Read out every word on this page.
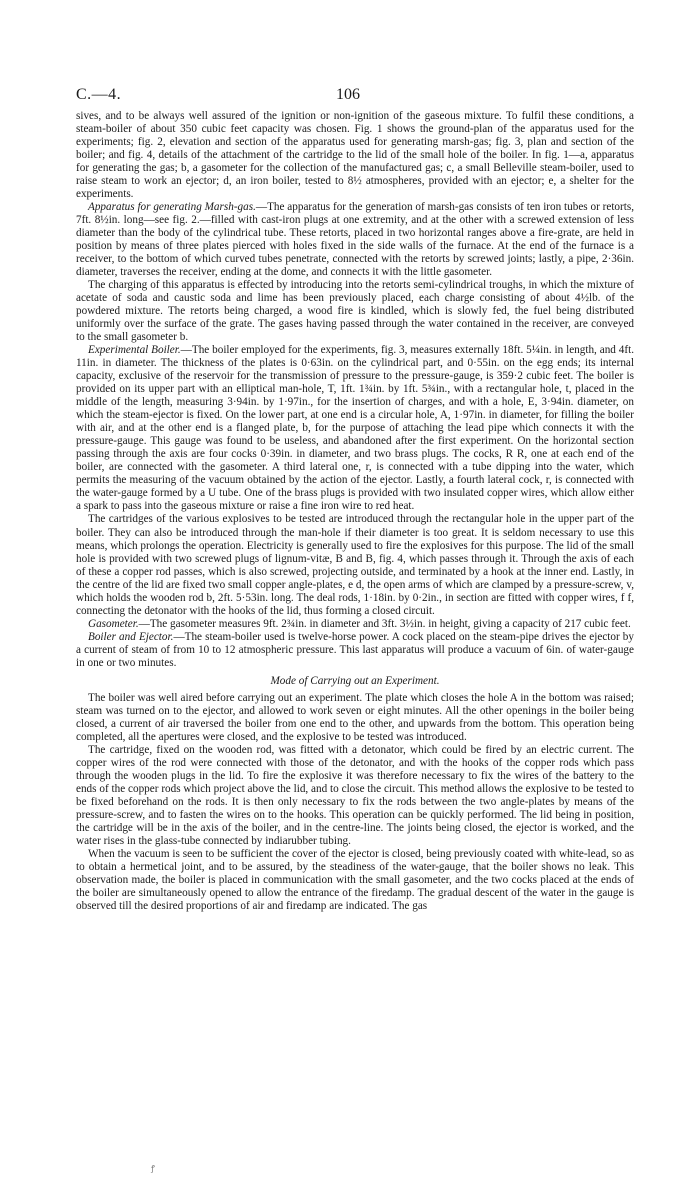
C.—4.	106

sives, and to be always well assured of the ignition or non-ignition of the gaseous mixture. To fulfil these conditions, a steam-boiler of about 350 cubic feet capacity was chosen. Fig. 1 shows the ground-plan of the apparatus used for the experiments; fig. 2, elevation and section of the apparatus used for generating marsh-gas; fig. 3, plan and section of the boiler; and fig. 4, details of the attachment of the cartridge to the lid of the small hole of the boiler. In fig. 1—a, apparatus for generating the gas; b, a gasometer for the collection of the manufactured gas; c, a small Belleville steam-boiler, used to raise steam to work an ejector; d, an iron boiler, tested to 8½ atmospheres, provided with an ejector; e, a shelter for the experiments.

Apparatus for generating Marsh-gas.—The apparatus for the generation of marsh-gas consists of ten iron tubes or retorts, 7ft. 8½in. long—see fig. 2.—filled with cast-iron plugs at one extremity, and at the other with a screwed extension of less diameter than the body of the cylindrical tube. These retorts, placed in two horizontal ranges above a fire-grate, are held in position by means of three plates pierced with holes fixed in the side walls of the furnace. At the end of the furnace is a receiver, to the bottom of which curved tubes penetrate, connected with the retorts by screwed joints; lastly, a pipe, 2·36in. diameter, traverses the receiver, ending at the dome, and connects it with the little gasometer.

The charging of this apparatus is effected by introducing into the retorts semi-cylindrical troughs, in which the mixture of acetate of soda and caustic soda and lime has been previously placed, each charge consisting of about 4½lb. of the powdered mixture. The retorts being charged, a wood fire is kindled, which is slowly fed, the fuel being distributed uniformly over the surface of the grate. The gases having passed through the water contained in the receiver, are conveyed to the small gasometer b.

Experimental Boiler.—The boiler employed for the experiments, fig. 3, measures externally 18ft. 5¼in. in length, and 4ft. 11in. in diameter. The thickness of the plates is 0·63in. on the cylindrical part, and 0·55in. on the egg ends; its internal capacity, exclusive of the reservoir for the transmission of pressure to the pressure-gauge, is 359·2 cubic feet. The boiler is provided on its upper part with an elliptical man-hole, T, 1ft. 1¾in. by 1ft. 5¾in., with a rectangular hole, t, placed in the middle of the length, measuring 3·94in. by 1·97in., for the insertion of charges, and with a hole, E, 3·94in. diameter, on which the steam-ejector is fixed. On the lower part, at one end is a circular hole, A, 1·97in. in diameter, for filling the boiler with air, and at the other end is a flanged plate, b, for the purpose of attaching the lead pipe which connects it with the pressure-gauge. This gauge was found to be useless, and abandoned after the first experiment. On the horizontal section passing through the axis are four cocks 0·39in. in diameter, and two brass plugs. The cocks, R R, one at each end of the boiler, are connected with the gasometer. A third lateral one, r, is connected with a tube dipping into the water, which permits the measuring of the vacuum obtained by the action of the ejector. Lastly, a fourth lateral cock, r, is connected with the water-gauge formed by a U tube. One of the brass plugs is provided with two insulated copper wires, which allow either a spark to pass into the gaseous mixture or raise a fine iron wire to red heat.

The cartridges of the various explosives to be tested are introduced through the rectangular hole in the upper part of the boiler. They can also be introduced through the man-hole if their diameter is too great. It is seldom necessary to use this means, which prolongs the operation. Electricity is generally used to fire the explosives for this purpose. The lid of the small hole is provided with two screwed plugs of lignum-vitæ, B and B, fig. 4, which passes through it. Through the axis of each of these a copper rod passes, which is also screwed, projecting outside, and terminated by a hook at the inner end. Lastly, in the centre of the lid are fixed two small copper angle-plates, e d, the open arms of which are clamped by a pressure-screw, v, which holds the wooden rod b, 2ft. 5·53in. long. The deal rods, 1·18in. by 0·2in., in section are fitted with copper wires, f f, connecting the detonator with the hooks of the lid, thus forming a closed circuit.

Gasometer.—The gasometer measures 9ft. 2¾in. in diameter and 3ft. 3½in. in height, giving a capacity of 217 cubic feet.

Boiler and Ejector.—The steam-boiler used is twelve-horse power. A cock placed on the steam-pipe drives the ejector by a current of steam of from 10 to 12 atmospheric pressure. This last apparatus will produce a vacuum of 6in. of water-gauge in one or two minutes.

Mode of Carrying out an Experiment.

The boiler was well aired before carrying out an experiment. The plate which closes the hole A in the bottom was raised; steam was turned on to the ejector, and allowed to work seven or eight minutes. All the other openings in the boiler being closed, a current of air traversed the boiler from one end to the other, and upwards from the bottom. This operation being completed, all the apertures were closed, and the explosive to be tested was introduced.

The cartridge, fixed on the wooden rod, was fitted with a detonator, which could be fired by an electric current. The copper wires of the rod were connected with those of the detonator, and with the hooks of the copper rods which pass through the wooden plugs in the lid. To fire the explosive it was therefore necessary to fix the wires of the battery to the ends of the copper rods which project above the lid, and to close the circuit. This method allows the explosive to be tested to be fixed beforehand on the rods. It is then only necessary to fix the rods between the two angle-plates by means of the pressure-screw, and to fasten the wires on to the hooks. This operation can be quickly performed. The lid being in position, the cartridge will be in the axis of the boiler, and in the centre-line. The joints being closed, the ejector is worked, and the water rises in the glass-tube connected by indiarubber tubing.

When the vacuum is seen to be sufficient the cover of the ejector is closed, being previously coated with white-lead, so as to obtain a hermetical joint, and to be assured, by the steadiness of the water-gauge, that the boiler shows no leak. This observation made, the boiler is placed in communication with the small gasometer, and the two cocks placed at the ends of the boiler are simultaneously opened to allow the entrance of the firedamp. The gradual descent of the water in the gauge is observed till the desired proportions of air and firedamp are indicated. The gas

ꝭ
